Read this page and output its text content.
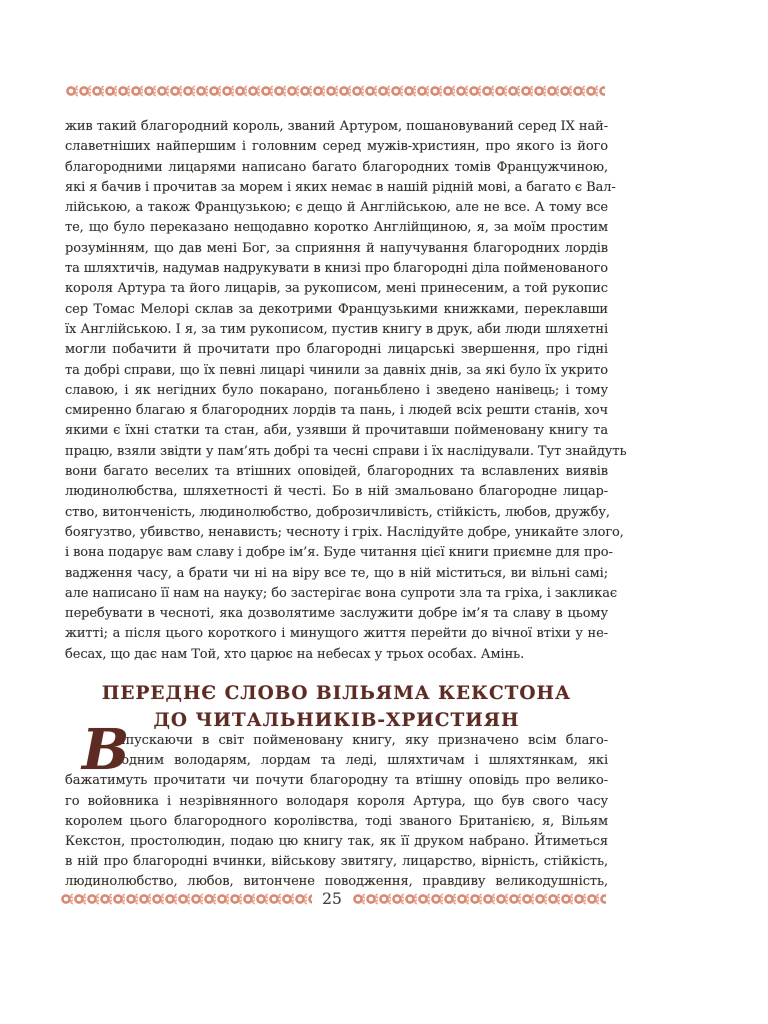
жив такий благородний король, званий Артуром, пошановуваний серед ІХ най-
славетніших найпершим і головним серед мужів-християн, про якого із його
благородними лицарями написано багато благородних томів Францужчиною,
які я бачив і прочитав за морем і яких немає в нашій рідній мові, а багато є Вал-
лійською, а також Французькою; є дещо й Англійською, але не все. А тому все
те, що було переказано нещодавно коротко Англійщиною, я, за моїм простим
розумінням, що дав мені Бог, за сприяння й напучування благородних лордів
та шляхтичів, надумав надрукувати в книзі про благородні діла пойменованого
короля Артура та його лицарів, за рукописом, мені принесеним, а той рукопис
сер Томас Мелорі склав за декотрими Французькими книжками, переклавши
їх Англійською. І я, за тим рукописом, пустив книгу в друк, аби люди шляхетні
могли побачити й прочитати про благородні лицарські звершення, про гідні
та добрі справи, що їх певні лицарі чинили за давніх днів, за які було їх укрито
славою, і як негідних було покарано, поганьблено і зведено нанівець; і тому
смиренно благаю я благородних лордів та пань, і людей всіх решти станів, хоч
якими є їхні статки та стан, аби, узявши й прочитавши пойменовану книгу та
працю, взяли звідти у пам’ять добрі та чесні справи і їх наслідували. Тут знайдуть
вони багато веселих та втішних оповідей, благородних та вславлених виявів
людинолюбства, шляхетності й честі. Бо в ній змальовано благородне лицар-
ство, витонченість, людинолюбство, доброзичливість, стійкість, любов, дружбу,
боягузтво, убивство, ненависть; чесноту і гріх. Наслідуйте добре, уникайте злого,
і вона подарує вам славу і добре ім’я. Буде читання цієї книги приємне для про-
вадження часу, а брати чи ні на віру все те, що в ній міститься, ви вільні самі;
але написано її нам на науку; бо застерігає вона супроти зла та гріха, і закликає
перебувати в чесноті, яка дозволятиме заслужити добре ім’я та славу в цьому
житті; а після цього короткого і минущого життя перейти до вічної втіхи у не-
бесах, що дає нам Той, хто царює на небесах у трьох особах. Амінь.
ПЕРЕДНЄ СЛОВО ВІЛЬЯМА КЕКСТОНА
ДО ЧИТАЛЬНИКІВ-ХРИСТИЯН
В
ипускаючи в світ пойменовану книгу, яку призначено всім благо-
родним володарям, лордам та леді, шляхтичам і шляхтянкам, які
бажатимуть прочитати чи почути благородну та втішну оповідь про велико-
го войовника і незрівнянного володаря короля Артура, що був свого часу
королем цього благородного королівства, тоді званого Британією, я, Вільям
Кекстон, простолюдин, подаю цю книгу так, як її друком набрано. Йтиметься
в ній про благородні вчинки, військову звитягу, лицарство, вірність, стійкість,
людинолюбство, любов, витончене поводження, правдиву великодушність,
25
